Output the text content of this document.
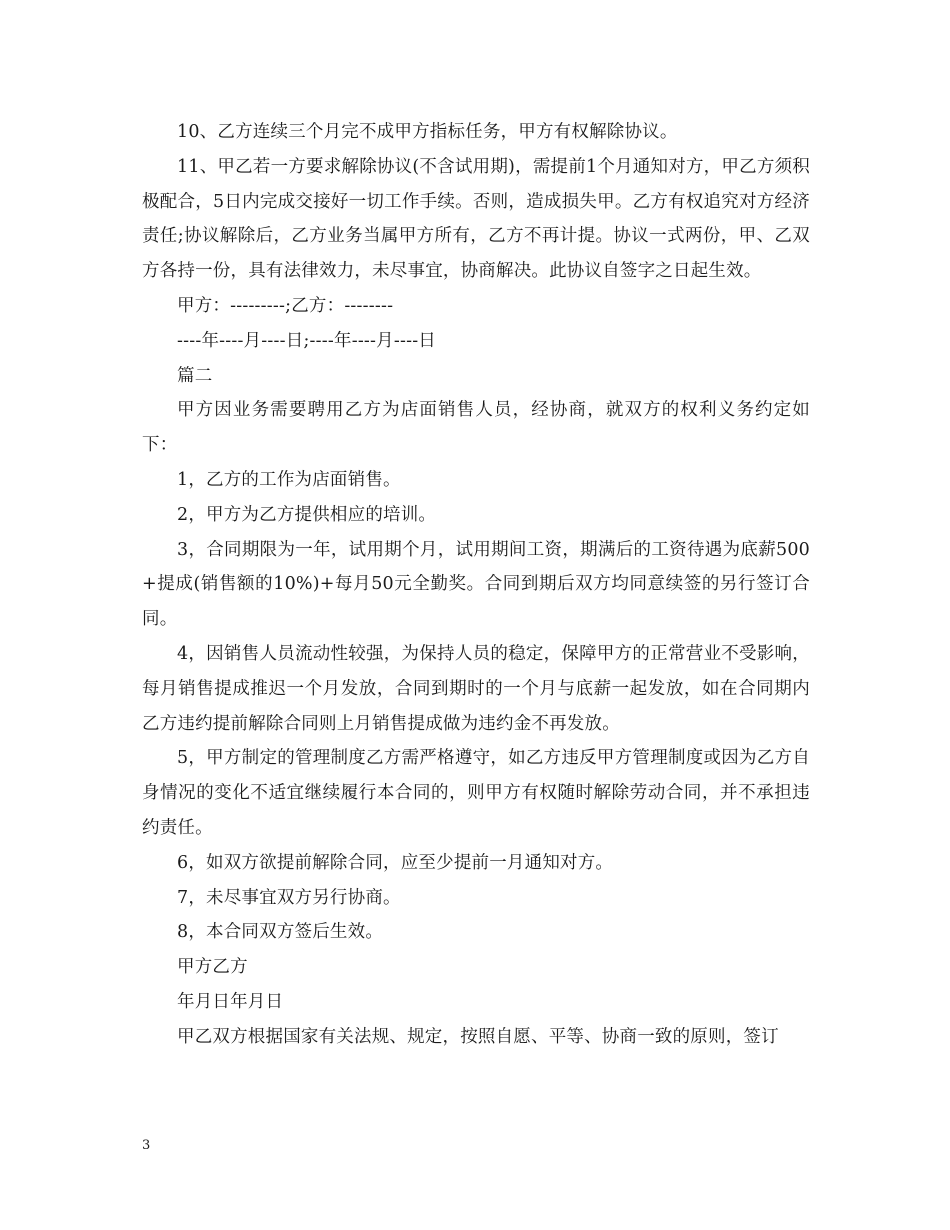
10、乙方连续三个月完不成甲方指标任务，甲方有权解除协议。

11、甲乙若一方要求解除协议(不含试用期)，需提前1个月通知对方，甲乙方须积极配合，5日内完成交接好一切工作手续。否则，造成损失甲。乙方有权追究对方经济责任;协议解除后，乙方业务当属甲方所有，乙方不再计提。协议一式两份，甲、乙双方各持一份，具有法律效力，未尽事宜，协商解决。此协议自签字之日起生效。

甲方：---------;乙方：--------

----年----月----日;----年----月----日

篇二

甲方因业务需要聘用乙方为店面销售人员，经协商，就双方的权利义务约定如下：

1，乙方的工作为店面销售。

2，甲方为乙方提供相应的培训。

3，合同期限为一年，试用期个月，试用期间工资，期满后的工资待遇为底薪500+提成(销售额的10%)+每月50元全勤奖。合同到期后双方均同意续签的另行签订合同。

4，因销售人员流动性较强，为保持人员的稳定，保障甲方的正常营业不受影响，每月销售提成推迟一个月发放，合同到期时的一个月与底薪一起发放，如在合同期内乙方违约提前解除合同则上月销售提成做为违约金不再发放。

5，甲方制定的管理制度乙方需严格遵守，如乙方违反甲方管理制度或因为乙方自身情况的变化不适宜继续履行本合同的，则甲方有权随时解除劳动合同，并不承担违约责任。

6，如双方欲提前解除合同，应至少提前一月通知对方。

7，未尽事宜双方另行协商。

8，本合同双方签后生效。

甲方乙方

年月日年月日

甲乙双方根据国家有关法规、规定，按照自愿、平等、协商一致的原则，签订

3
